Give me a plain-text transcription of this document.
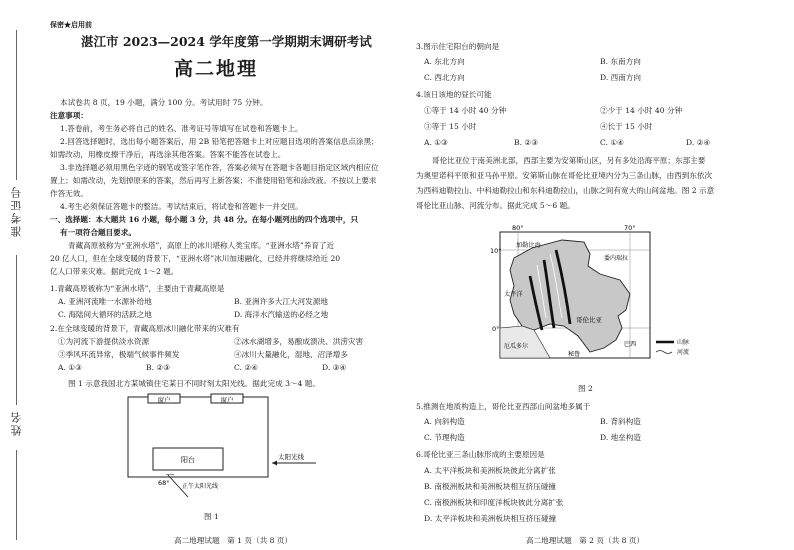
准考证号
姓名
保密★启用前
湛江市 2023—2024 学年度第一学期期末调研考试
高二地理
本试卷共 8 页，19 小题，满分 100 分。考试用时 75 分钟。
注意事项：
1.答卷前，考生务必将自己的姓名、准考证号等填写在试卷和答题卡上。
2.回答选择题时，选出每小题答案后，用 2B 铅笔把答题卡上对应题目选项的答案信息点涂黑；
如需改动，用橡皮擦干净后，再选涂其他答案。答案不能答在试卷上。
3.非选择题必须用黑色字迹的钢笔或签字笔作答，答案必须写在答题卡各题目指定区域内相应位
置上；如需改动，先划掉原来的答案，然后再写上新答案；不准使用铅笔和涂改液。不按以上要求
作答无效。
4.考生必须保证答题卡的整洁。考试结束后，将试卷和答题卡一并交回。
一、选择题：本大题共 16 小题，每小题 3 分，共 48 分。在每小题列出的四个选项中，只
有一项符合题目要求。
青藏高原被称为“亚洲水塔”，高原上的冰川堪称人类宝库。“亚洲水塔”养育了近
20 亿人口，但在全球变暖的背景下，“亚洲水塔”冰川加速融化，已经并将继续给近 20
亿人口带来灾难。据此完成 1～2 题。
1.青藏高原被称为“亚洲水塔”，主要由于青藏高原是
A. 亚洲河流唯一水源补给地	B. 亚洲许多大江大河发源地
C. 海陆间大循环的活跃之地	D. 海洋水汽输送的必经之地
2.在全球变暖的背景下，青藏高原冰川融化带来的灾难有
①为河流下游提供淡水资源	②冰水湖增多，易酿成溃决、洪涝灾害
③季风环流异常，极端气候事件频发	④冰川大量融化，湿地、沼泽增多
A. ①③	B. ②③	C. ②④	D. ③④
图 1 示意我国北方某城镇住宅某日不同时刻太阳光线。据此完成 3～4 题。
窗户	窗户
阳台	太阳光线
68° 正午太阳光线
图 1
高二地理试题　第 1 页（共 8 页）
3.图示住宅阳台的朝向是
A. 东北方向	B. 东南方向
C. 西北方向	D. 西南方向
4.该日该地的昼长可能
①等于 14 小时 40 分钟	②少于 14 小时 40 分钟
③等于 15 小时	④长于 15 小时
A. ①③	B. ②③	C. ①④	D. ②④
哥伦比亚位于南美洲北部，西部主要为安第斯山区，另有多处沿海平原；东部主要
为奥里诺科平原和亚马孙平原。安第斯山脉在哥伦比亚境内分为三条山脉，由西到东依次
为西科迪勒拉山、中科迪勒拉山和东科迪勒拉山，山脉之间有宽大的山间盆地。图 2 示意
哥伦比亚山脉、河流分布。据此完成 5～6 题。
80°	70°
10°
0°
加勒比海
委内瑞拉
太平洋
哥伦比亚
厄瓜多尔
秘鲁
巴西	山脉
河流
图 2
5.推测在地质构造上，哥伦比亚西部山间盆地多属于
A. 向斜构造	B. 背斜构造
C. 节理构造	D. 地垒构造
6.哥伦比亚三条山脉形成的主要原因是
A. 太平洋板块和美洲板块彼此分离扩张
B. 南极洲板块和美洲板块相互挤压碰撞
C. 南极洲板块和印度洋板块彼此分离扩张
D. 太平洋板块和美洲板块相互挤压碰撞
高二地理试题　第 2 页（共 8 页）
